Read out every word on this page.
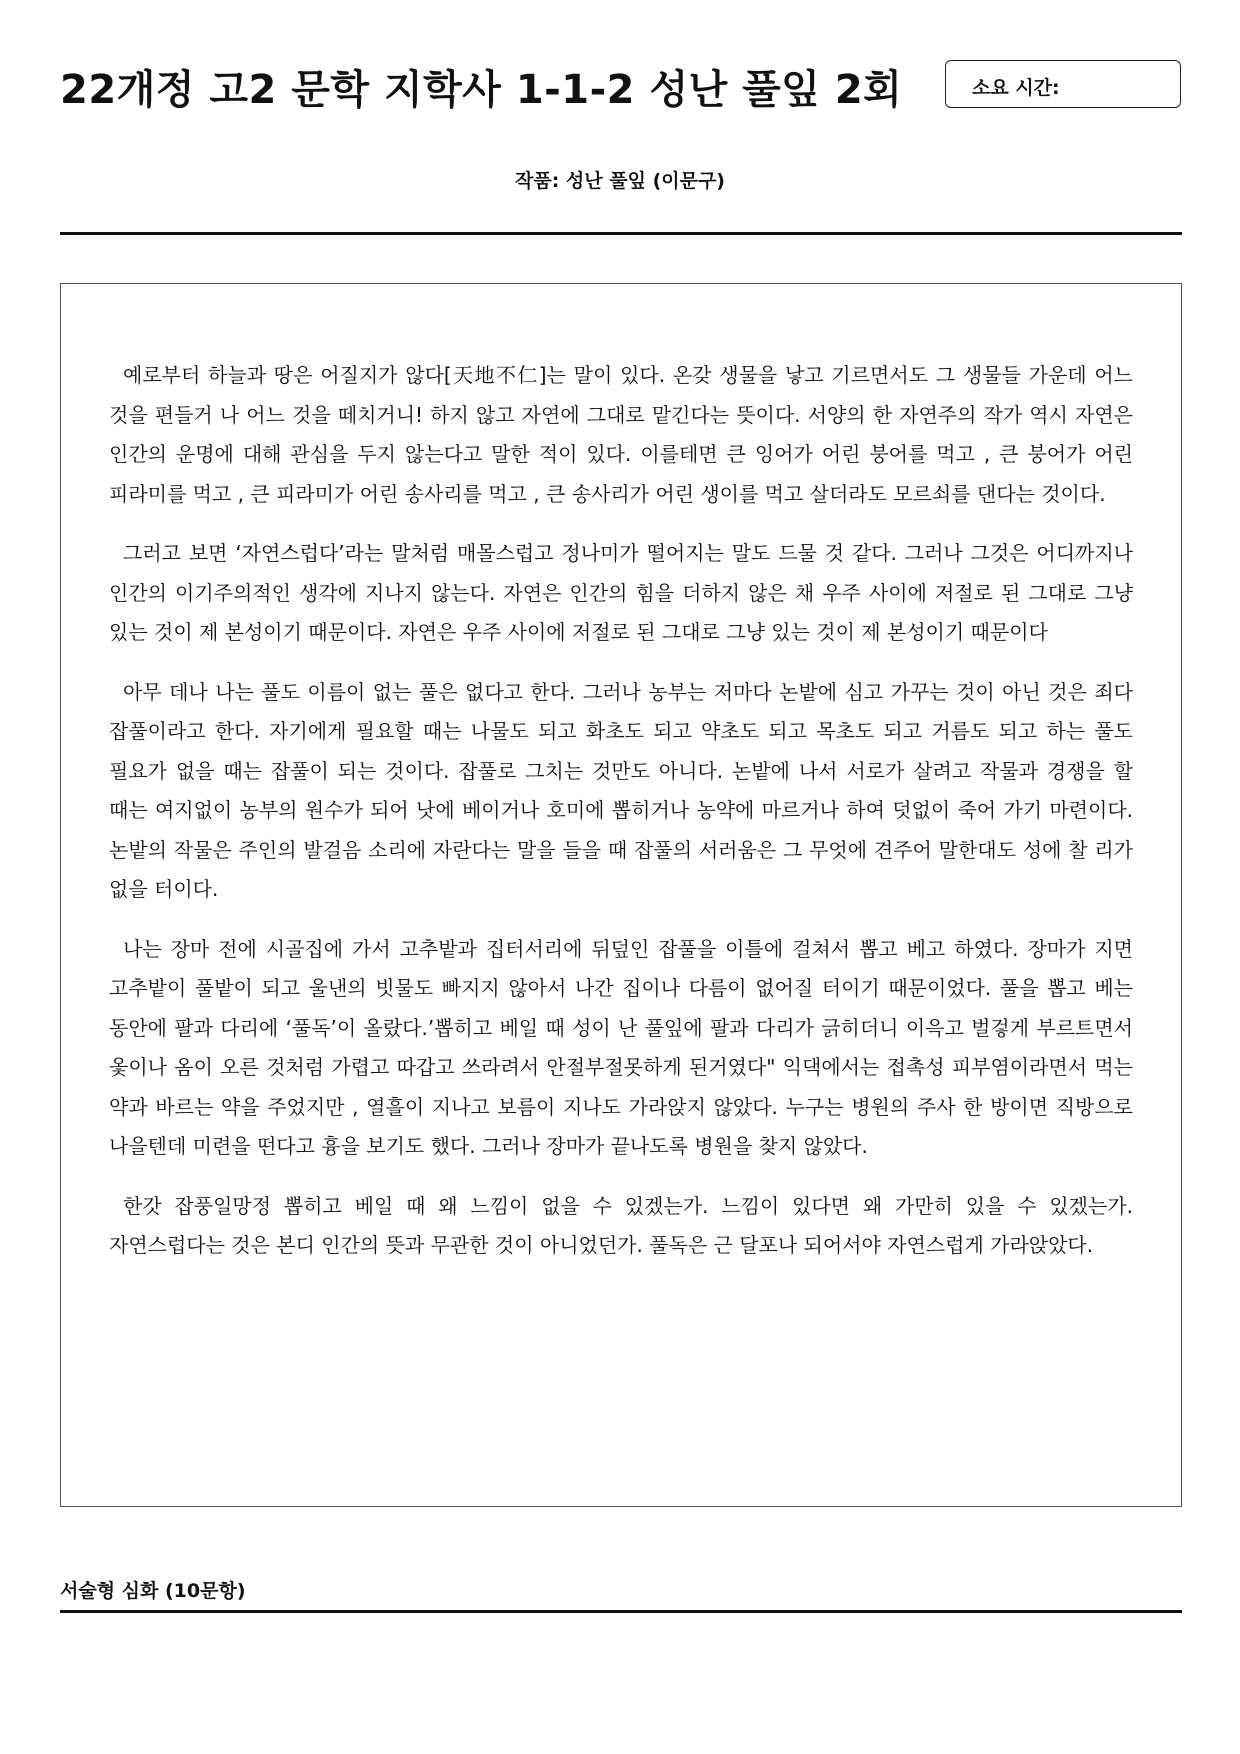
22개정 고2 문학 지학사 1-1-2 성난 풀잎 2회	소요 시간:
작품: 성난 풀잎 (이문구)

예로부터 하늘과 땅은 어질지가 않다[天地不仁]는 말이 있다. 온갖 생물을 낳고 기르면서도 그 생물들 가운데 어느 것을 편들거 나 어느 것을 떼치거니! 하지 않고 자연에 그대로 맡긴다는 뜻이다. 서양의 한 자연주의 작가 역시 자연은 인간의 운명에 대해 관심을 두지 않는다고 말한 적이 있다. 이를테면 큰 잉어가 어린 붕어를 먹고 , 큰 붕어가 어린 피라미를 먹고 , 큰 피라미가 어린 송사리를 먹고 , 큰 송사리가 어린 생이를 먹고 살더라도 모르쇠를 댄다는 것이다.

그러고 보면 ‘자연스럽다’라는 말처럼 매몰스럽고 정나미가 떨어지는 말도 드물 것 같다. 그러나 그것은 어디까지나 인간의 이기주의적인 생각에 지나지 않는다. 자연은 인간의 힘을 더하지 않은 채 우주 사이에 저절로 된 그대로 그냥 있는 것이 제 본성이기 때문이다. 자연은 우주 사이에 저절로 된 그대로 그냥 있는 것이 제 본성이기 때문이다

아무 데나 나는 풀도 이름이 없는 풀은 없다고 한다. 그러나 농부는 저마다 논밭에 심고 가꾸는 것이 아닌 것은 죄다 잡풀이라고 한다. 자기에게 필요할 때는 나물도 되고 화초도 되고 약초도 되고 목초도 되고 거름도 되고 하는 풀도 필요가 없을 때는 잡풀이 되는 것이다. 잡풀로 그치는 것만도 아니다. 논밭에 나서 서로가 살려고 작물과 경쟁을 할 때는 여지없이 농부의 원수가 되어 낫에 베이거나 호미에 뽑히거나 농약에 마르거나 하여 덧없이 죽어 가기 마련이다. 논밭의 작물은 주인의 발걸음 소리에 자란다는 말을 들을 때 잡풀의 서러움은 그 무엇에 견주어 말한대도 성에 찰 리가 없을 터이다.

나는 장마 전에 시골집에 가서 고추밭과 집터서리에 뒤덮인 잡풀을 이틀에 걸쳐서 뽑고 베고 하였다. 장마가 지면 고추밭이 풀밭이 되고 울낸의 빗물도 빠지지 않아서 나간 집이나 다름이 없어질 터이기 때문이었다. 풀을 뽑고 베는 동안에 팔과 다리에 ‘풀독’이 올랐다.’뽑히고 베일 때 성이 난 풀잎에 팔과 다리가 긁히더니 이윽고 벌겋게 부르트면서 옻이나 옴이 오른 것처럼 가렵고 따갑고 쓰라려서 안절부절못하게 된거였다" 익댁에서는 접촉성 피부염이라면서 먹는 약과 바르는 약을 주었지만 , 열흘이 지나고 보름이 지나도 가라앉지 않았다. 누구는 병원의 주사 한 방이면 직방으로 나을텐데 미련을 떤다고 흉을 보기도 했다. 그러나 장마가 끝나도록 병원을 찾지 않았다.

한갓 잡풍일망정 뽑히고 베일 때 왜 느낌이 없을 수 있겠는가. 느낌이 있다면 왜 가만히 있을 수 있겠는가. 자연스럽다는 것은 본디 인간의 뜻과 무관한 것이 아니었던가. 풀독은 근 달포나 되어서야 자연스럽게 가라앉았다.

서술형 심화 (10문항)
